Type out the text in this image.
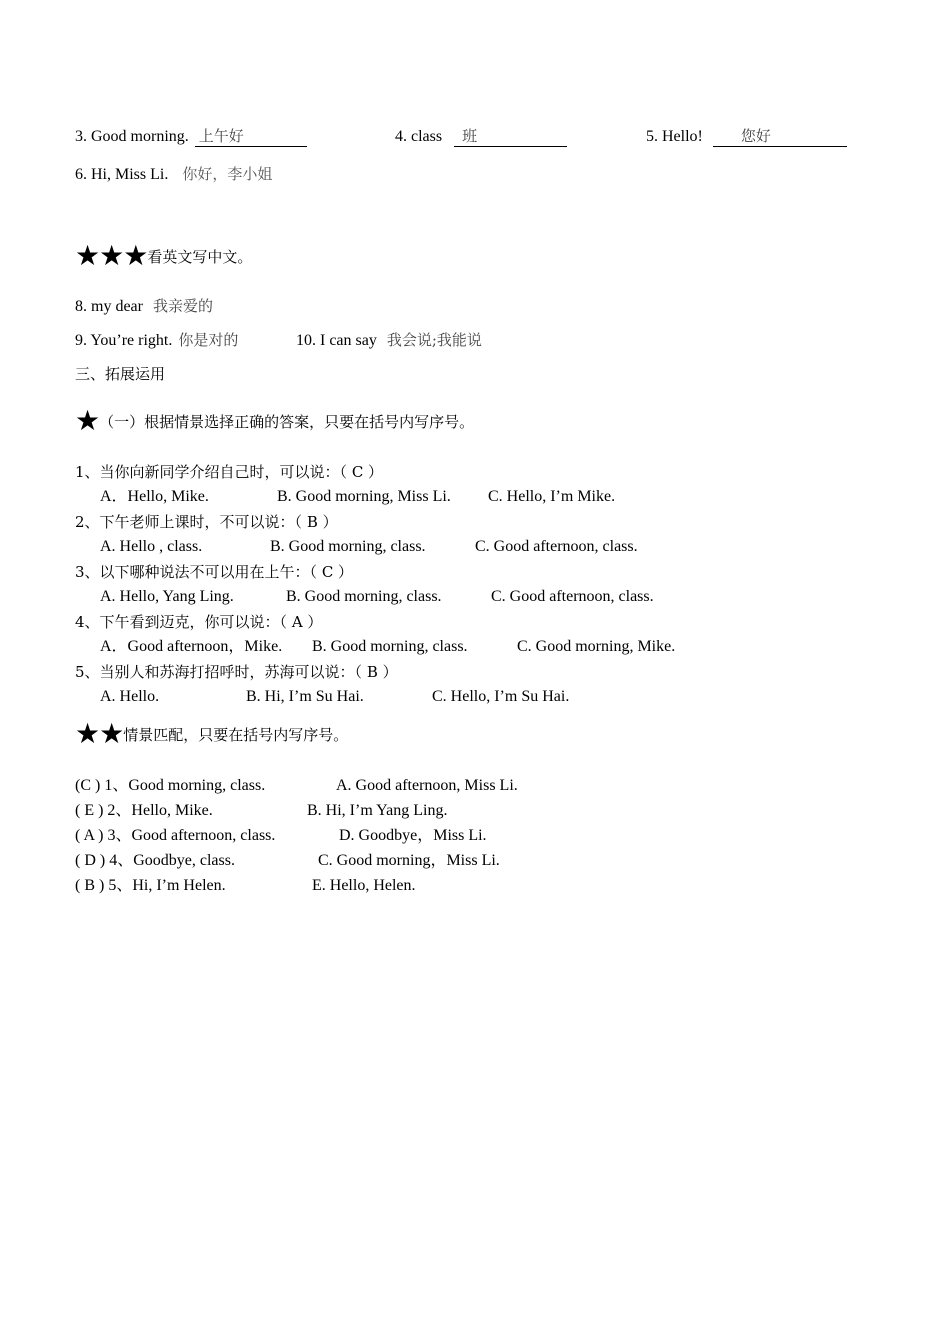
3. Good morning. 上午好	4. class 班	5. Hello!	您好
6. Hi, Miss Li. 你好，李小姐
★★★看英文写中文。
8. my dear 我亲爱的
9. You’re right. 你是对的	10. I can say 我会说;我能说
三、拓展运用
★（一）根据情景选择正确的答案，只要在括号内写序号。
1、当你向新同学介绍自己时，可以说：（ C ）
A．Hello, Mike.	B. Good morning, Miss Li. C. Hello, I’m Mike.
2、下午老师上课时，不可以说：（ B ）
A. Hello , class.	B. Good morning, class.	C. Good afternoon, class.
3、以下哪种说法不可以用在上午：（ C ）
A. Hello, Yang Ling.	B. Good morning, class.	C. Good afternoon, class.
4、下午看到迈克，你可以说：（ A ）
A．Good afternoon，Mike. B. Good morning, class.	C. Good morning, Mike.
5、当别人和苏海打招呼时，苏海可以说：（ B ）
A. Hello.	B. Hi, I’m Su Hai.	C. Hello, I’m Su Hai.
★★情景匹配，只要在括号内写序号。
(C ) 1、Good morning, class.	A. Good afternoon, Miss Li.
( E ) 2、Hello, Mike.	B. Hi, I’m Yang Ling.
( A ) 3、Good afternoon, class.	D. Goodbye，Miss Li.
( D ) 4、Goodbye, class.	C. Good morning，Miss Li.
( B ) 5、Hi, I’m Helen.	E. Hello, Helen.
